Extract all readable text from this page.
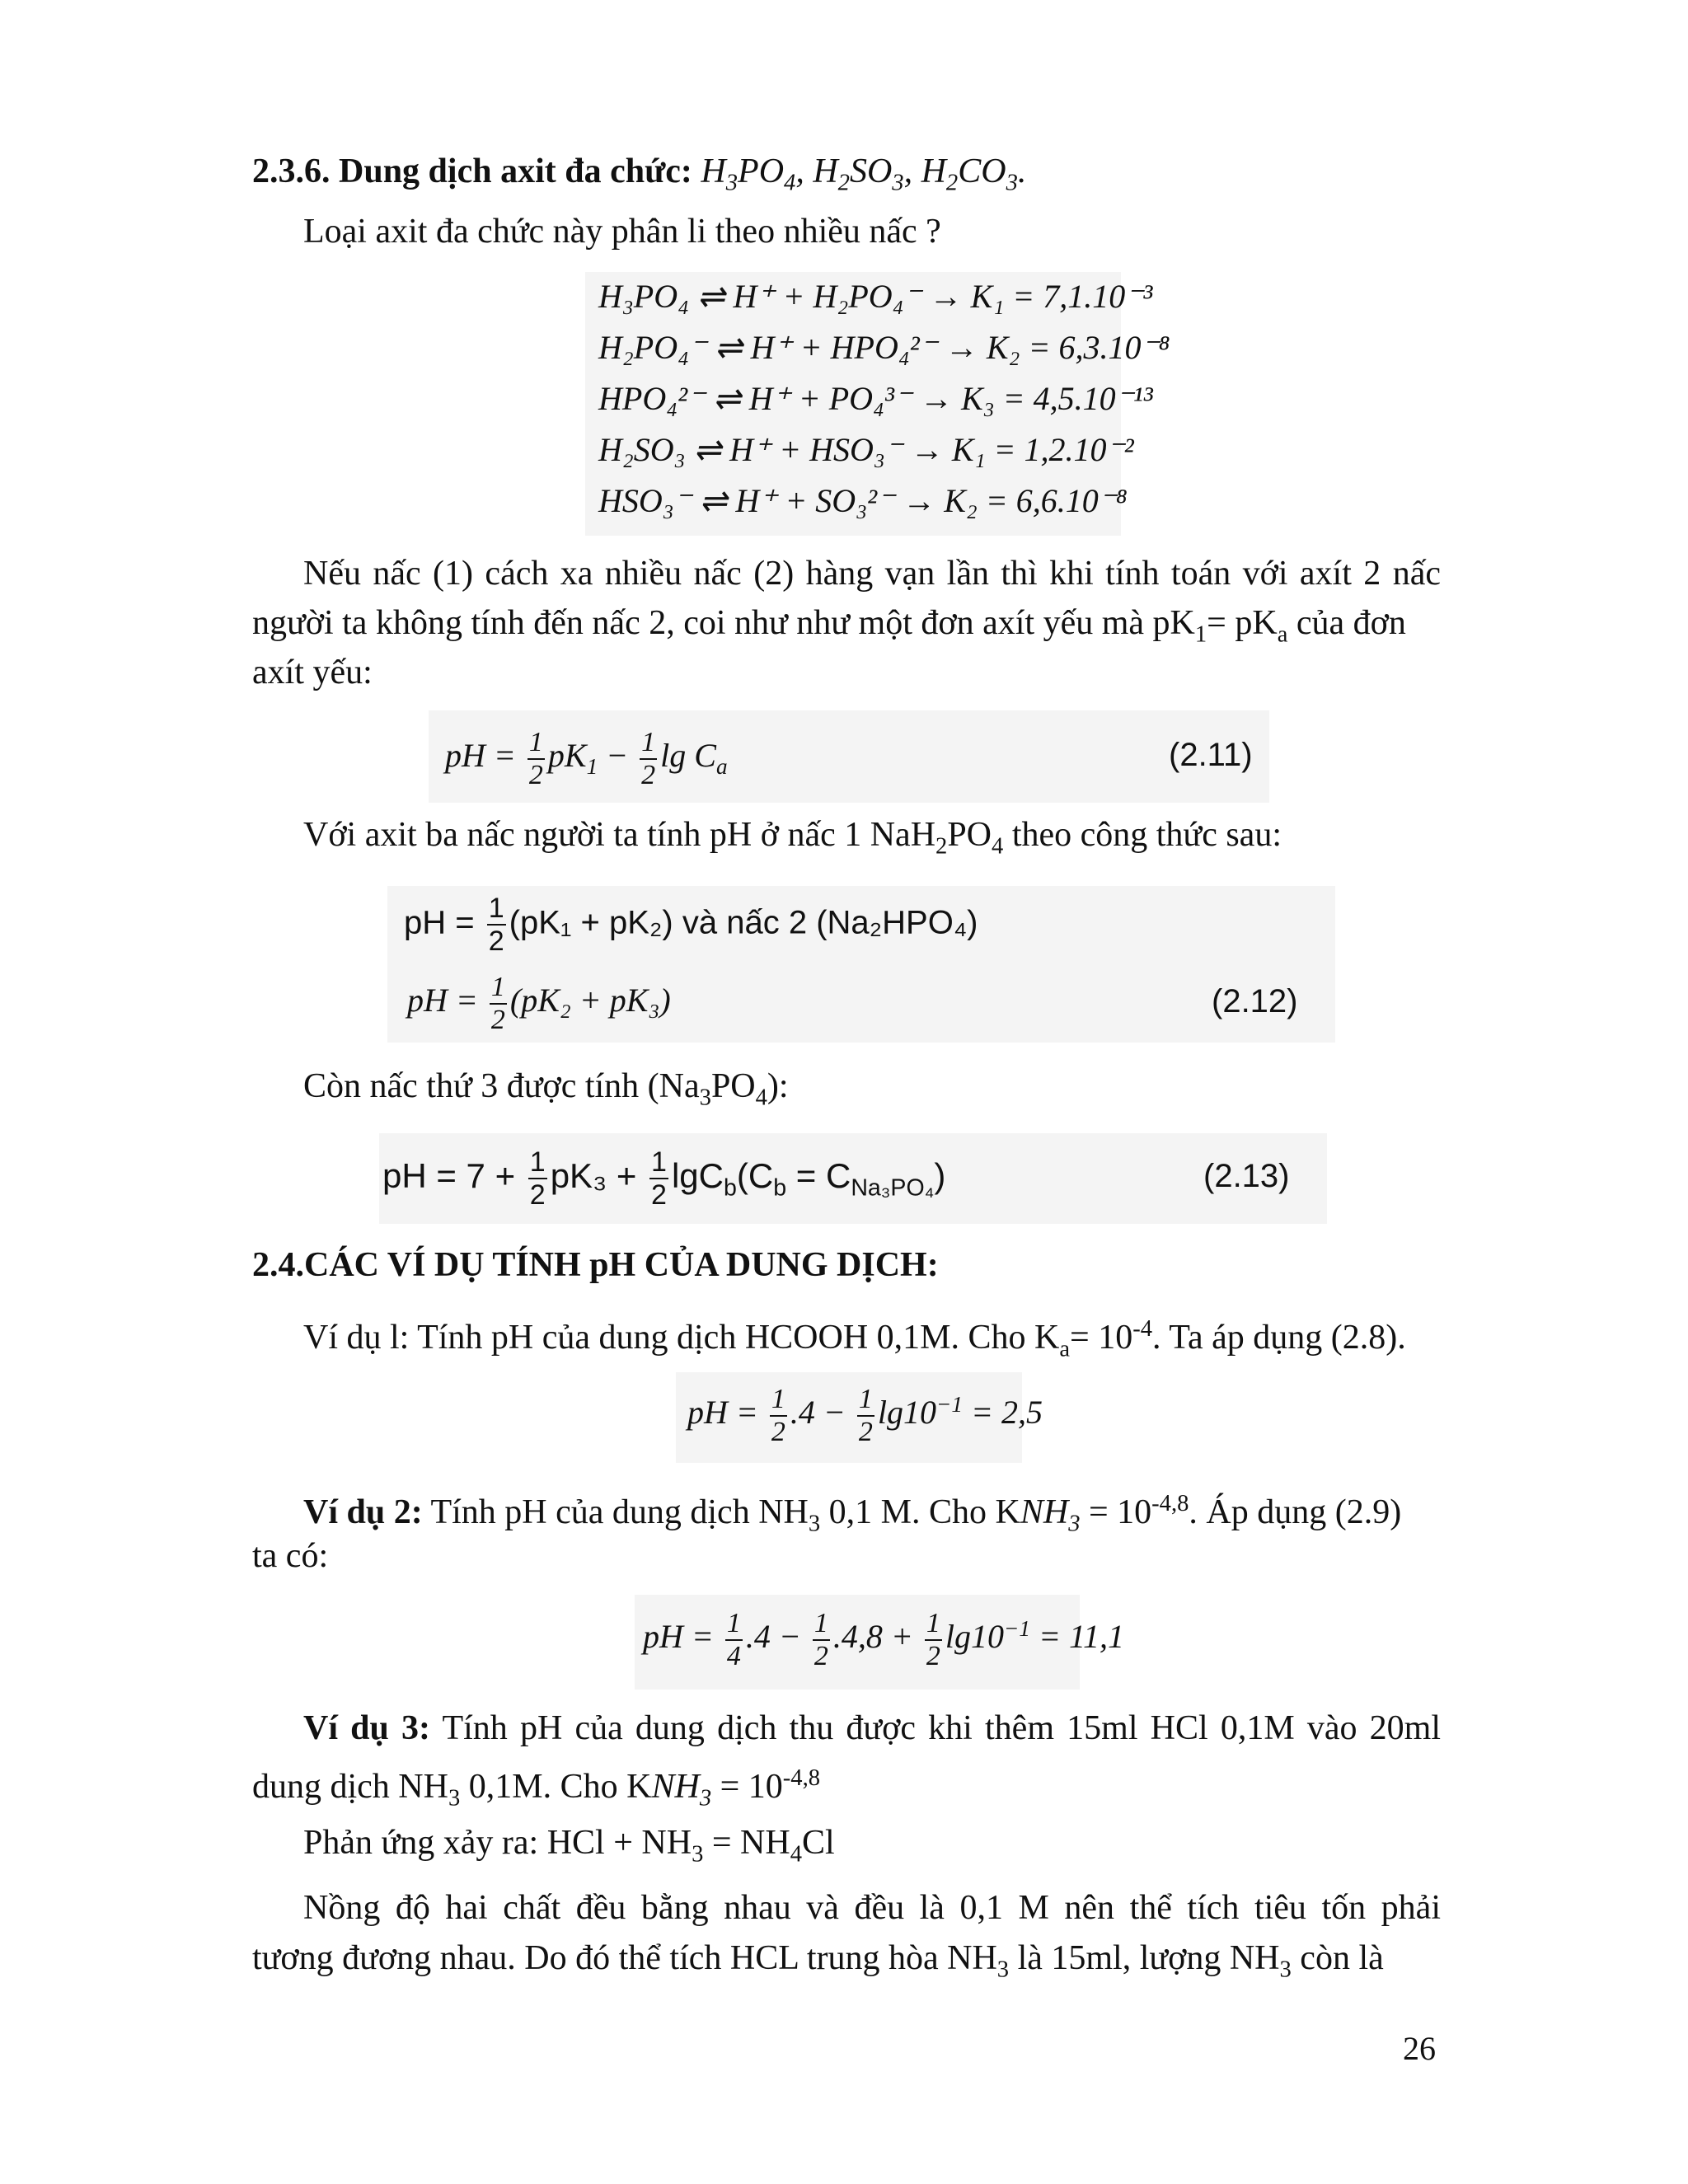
2.3.6. Dung dịch axit đa chức: $H_3PO_4$, $H_2SO_3$, $H_2CO_3$.
Loại axit đa chức này phân li theo nhiều nấc ?
H₃PO₄ ⇌ H⁺ + H₂PO₄⁻ → K₁ = 7,1.10⁻³
H₂PO₄⁻ ⇌ H⁺ + HPO₄²⁻ → K₂ = 6,3.10⁻⁸
HPO₄²⁻ ⇌ H⁺ + PO₄³⁻ → K₃ = 4,5.10⁻¹³
H₂SO₃ ⇌ H⁺ + HSO₃⁻ → K₁ = 1,2.10⁻²
HSO₃⁻ ⇌ H⁺ + SO₃²⁻ → K₂ = 6,6.10⁻⁸
Nếu nấc (1) cách xa nhiều nấc (2) hàng vạn lần thì khi tính toán với axít 2 nấc
người ta không tính đến nấc 2, coi như như một đơn axít yếu mà $pK_1= pK_a$ của đơn
axít yếu:
pH = $\frac{1}{2} pK_1 - \frac{1}{2}$ $\lg C_a$	(2.11)
Với axit ba nấc người ta tính pH ở nấc 1 $NaH_2PO_4$ theo công thức sau:
pH = $\frac{1}{2} (pK_1 + pK_2)$ và nấc 2 (Na₂HPO₄)
pH = $\frac{1}{2} (pK_2 + pK_3)$	(2.12)
Còn nấc thứ 3 được tính $(Na_3PO_4)$:
pH = $7 + \frac{1}{2} pK_3 + \frac{1}{2} \lg C_b(C_b = C_{Na_3PO_4})$	(2.13)
2.4.CÁC VÍ DỤ TÍNH pH CỦA DUNG DỊCH:
Ví dụ l: Tính pH của dung dịch HCOOH 0,1M. Cho $K_a= 10^{-4}$. Ta áp dụng (2.8).
pH = $\frac{1}{2} .4 - \frac{1}{2} \lg 10^{-1} = 2,5$
Ví dụ 2: Tính pH của dung dịch $NH_3$ 0,1 M. Cho $KNH_3 = 10^{-4,8}$. Áp dụng (2.9)
ta có:
pH = $\frac{1}{4} .4 - \frac{1}{2} .4,8 + \frac{1}{2} \lg 10^{-1} = 11,1$
Ví dụ 3: Tính pH của dung dịch thu được khi thêm 15ml HCl 0,1M vào 20ml
dung dịch $NH_3$ 0,1M. Cho $KNH_3 = 10^{-4,8}$
Phản ứng xảy ra: HCl + $NH_3 = NH_4Cl$
Nồng độ hai chất đều bằng nhau và đều là 0,1 M nên thể tích tiêu tốn phải
tương đương nhau. Do đó thể tích HCL trung hòa $NH_3$ là 15ml, lượng $NH_3$ còn là
26
